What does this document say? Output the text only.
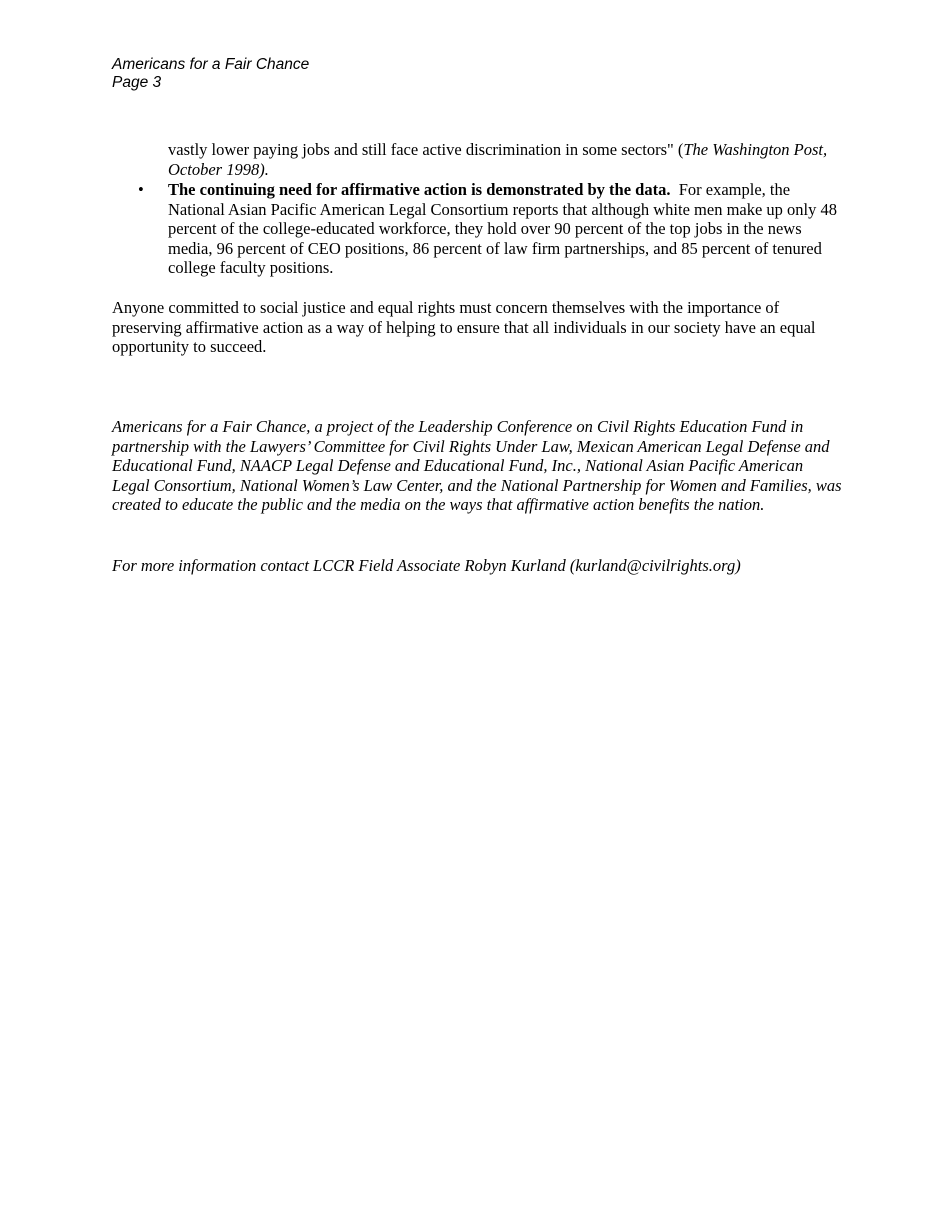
Americans for a Fair Chance
Page 3
vastly lower paying jobs and still face active discrimination in some sectors" (The Washington Post, October 1998).
•	The continuing need for affirmative action is demonstrated by the data. For example, the National Asian Pacific American Legal Consortium reports that although white men make up only 48 percent of the college-educated workforce, they hold over 90 percent of the top jobs in the news media, 96 percent of CEO positions, 86 percent of law firm partnerships, and 85 percent of tenured college faculty positions.
Anyone committed to social justice and equal rights must concern themselves with the importance of preserving affirmative action as a way of helping to ensure that all individuals in our society have an equal opportunity to succeed.
Americans for a Fair Chance, a project of the Leadership Conference on Civil Rights Education Fund in partnership with the Lawyers’ Committee for Civil Rights Under Law, Mexican American Legal Defense and Educational Fund, NAACP Legal Defense and Educational Fund, Inc., National Asian Pacific American Legal Consortium, National Women’s Law Center, and the National Partnership for Women and Families, was created to educate the public and the media on the ways that affirmative action benefits the nation.
For more information contact LCCR Field Associate Robyn Kurland (kurland@civilrights.org)
